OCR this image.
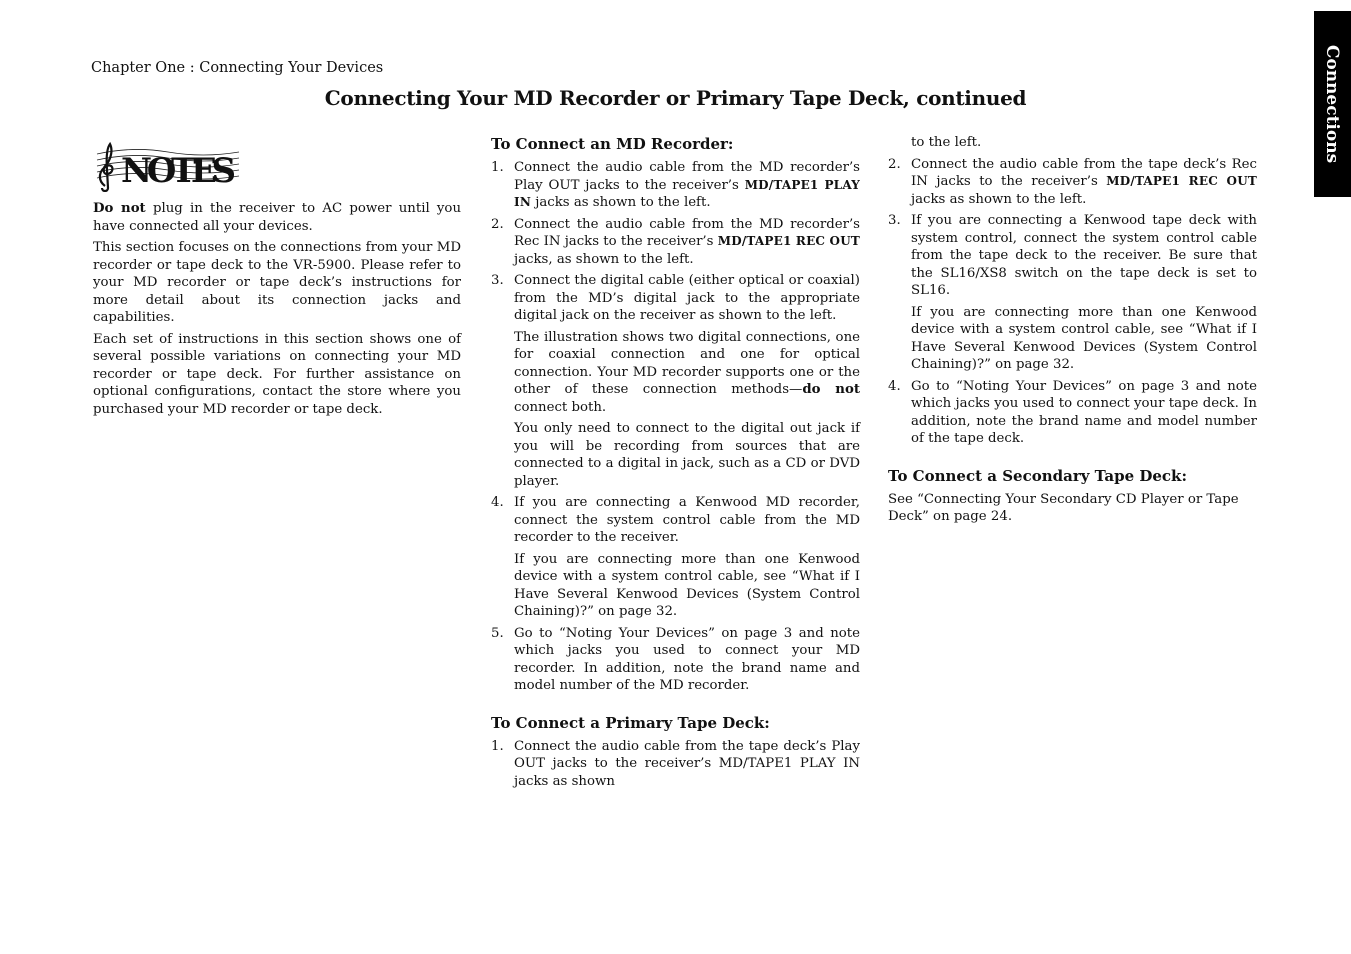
Chapter One : Connecting Your Devices
Connecting Your MD Recorder or Primary Tape Deck, continued	Connections
NOTES

Do not plug in the receiver to AC power until you have connected all your devices.

This section focuses on the connections from your MD recorder or tape deck to the VR-5900. Please refer to your MD recorder or tape deck’s instructions for more detail about its connection jacks and capabilities.

Each set of instructions in this section shows one of several possible variations on connecting your MD recorder or tape deck. For further assistance on optional configurations, contact the store where you purchased your MD recorder or tape deck.

To Connect an MD Recorder:
1. Connect the audio cable from the MD recorder’s Play OUT jacks to the receiver’s MD/TAPE1 PLAY IN jacks as shown to the left.
2. Connect the audio cable from the MD recorder’s Rec IN jacks to the receiver’s MD/TAPE1 REC OUT jacks, as shown to the left.
3. Connect the digital cable (either optical or coaxial) from the MD’s digital jack to the appropriate digital jack on the receiver as shown to the left.
The illustration shows two digital connections, one for coaxial connection and one for optical connection. Your MD recorder supports one or the other of these connection methods—do not connect both.
You only need to connect to the digital out jack if you will be recording from sources that are connected to a digital in jack, such as a CD or DVD player.
4. If you are connecting a Kenwood MD recorder, connect the system control cable from the MD recorder to the receiver.
If you are connecting more than one Kenwood device with a system control cable, see “What if I Have Several Kenwood Devices (System Control Chaining)?” on page 32.
5. Go to “Noting Your Devices” on page 3 and note which jacks you used to connect your MD recorder. In addition, note the brand name and model number of the MD recorder.
To Connect a Primary Tape Deck:
1. Connect the audio cable from the tape deck’s Play OUT jacks to the receiver’s MD/TAPE1 PLAY IN jacks as shown
to the left.
2. Connect the audio cable from the tape deck’s Rec IN jacks to the receiver’s MD/TAPE1 REC OUT jacks as shown to the left.
3. If you are connecting a Kenwood tape deck with system control, connect the system control cable from the tape deck to the receiver. Be sure that the SL16/XS8 switch on the tape deck is set to SL16.
If you are connecting more than one Kenwood device with a system control cable, see “What if I Have Several Kenwood Devices (System Control Chaining)?” on page 32.
4. Go to “Noting Your Devices” on page 3 and note which jacks you used to connect your tape deck. In addition, note the brand name and model number of the tape deck.
To Connect a Secondary Tape Deck:

See “Connecting Your Secondary CD Player or Tape Deck” on page 24.
